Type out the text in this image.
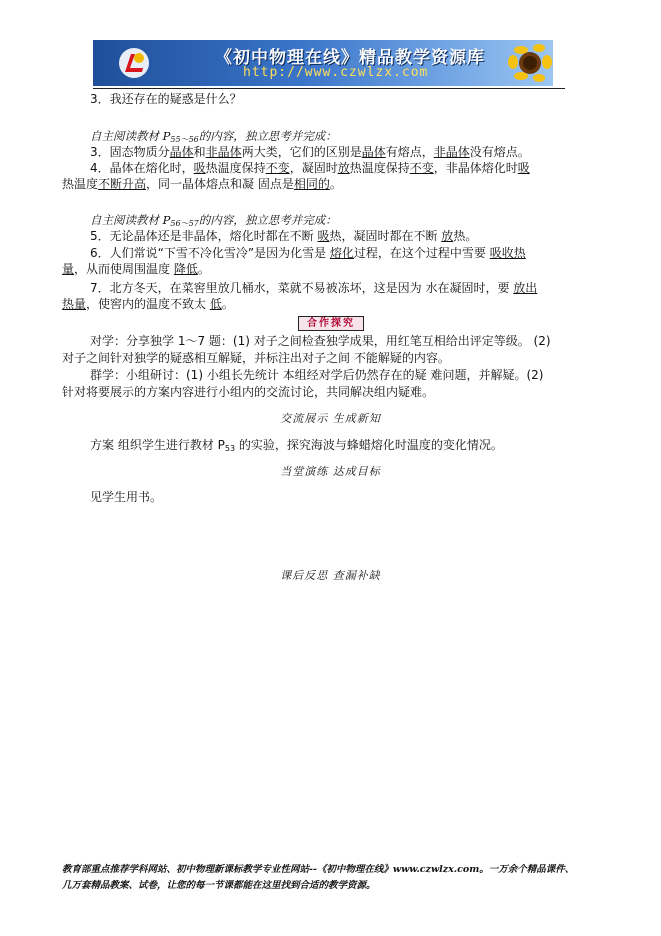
《初中物理在线》精品教学资源库
http://www.czwlzx.com
3．我还存在的疑惑是什么？
自主阅读教材 $P_{55\sim 56}$的内容，独立思考并完成：
3．固态物质分晶体和非晶体两大类，它们的区别是晶体有熔点，非晶体没有熔点。
4．晶体在熔化时，吸热温度保持不变，凝固时放热温度保持不变，非晶体熔化时吸
热温度不断升高，同一晶体熔点和凝 固点是相同的。
自主阅读教材 $P_{56\sim 57}$的内容，独立思考并完成：
5．无论晶体还是非晶体，熔化时都在不断 吸热，凝固时都在不断 放热。
6．人们常说“下雪不冷化雪冷”是因为化雪是 熔化过程，在这个过程中雪要 吸收热
量，从而使周围温度 降低。
7．北方冬天，在菜窖里放几桶水，菜就不易被冻坏，这是因为 水在凝固时，要 放出
热量，使窖内的温度不致太 低。
合作探究
对学：分享独学 1～7 题：(1) 对子之间检查独学成果，用红笔互相给出评定等级。 (2)
对子之间针对独学的疑惑相互解疑，并标注出对子之间 不能解疑的内容。
群学：小组研讨：(1) 小组长先统计 本组经对学后仍然存在的疑 难问题，并解疑。(2)
针对将要展示的方案内容进行小组内的交流讨论，共同解决组内疑难。
交流展示 生成新知
方案 组织学生进行教材 $P_{53}$ 的实验，探究海波与蜂蜡熔化时温度的变化情况。
当堂演练 达成目标
见学生用书。
课后反思 查漏补缺
教育部重点推荐学科网站、初中物理新课标教学专业性网站--《初中物理在线》www.czwlzx.com。一万余个精品课件、
几万套精品教案、试卷，让您的每一节课都能在这里找到合适的教学资源。
